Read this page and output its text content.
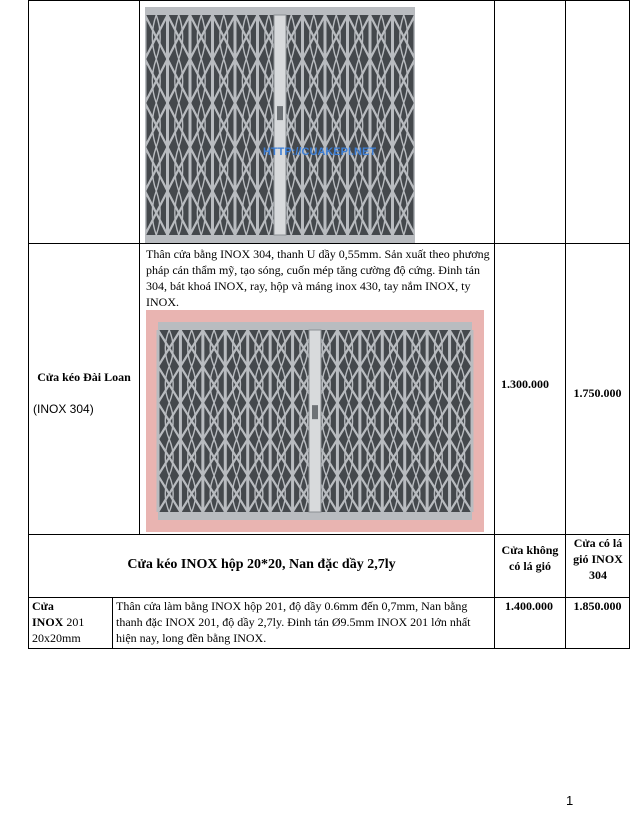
HTTP://CUAKEPI.NET
Cửa kéo Đài Loan
(INOX 304)
Thân cửa bằng INOX 304, thanh U dầy 0,55mm. Sản xuất theo phương pháp cán thẩm mỹ, tạo sóng, cuốn mép tăng cường độ cứng. Đinh tán 304, bát khoá INOX, ray, hộp và máng inox 430, tay nắm INOX, ty INOX.
1.300.000
1.750.000
Cửa kéo INOX hộp 20*20, Nan đặc dầy 2,7ly
Cửa không có lá gió
Cửa có lá gió INOX 304
Cửa
INOX 201
20x20mm
Thân cửa làm bằng INOX hộp 201, độ dầy 0.6mm đến 0,7mm, Nan bằng thanh đặc INOX 201, độ dầy 2,7ly. Đinh tán Ø9.5mm INOX 201 lớn nhất hiện nay, long đền bằng INOX.
1.400.000	1.850.000
1
